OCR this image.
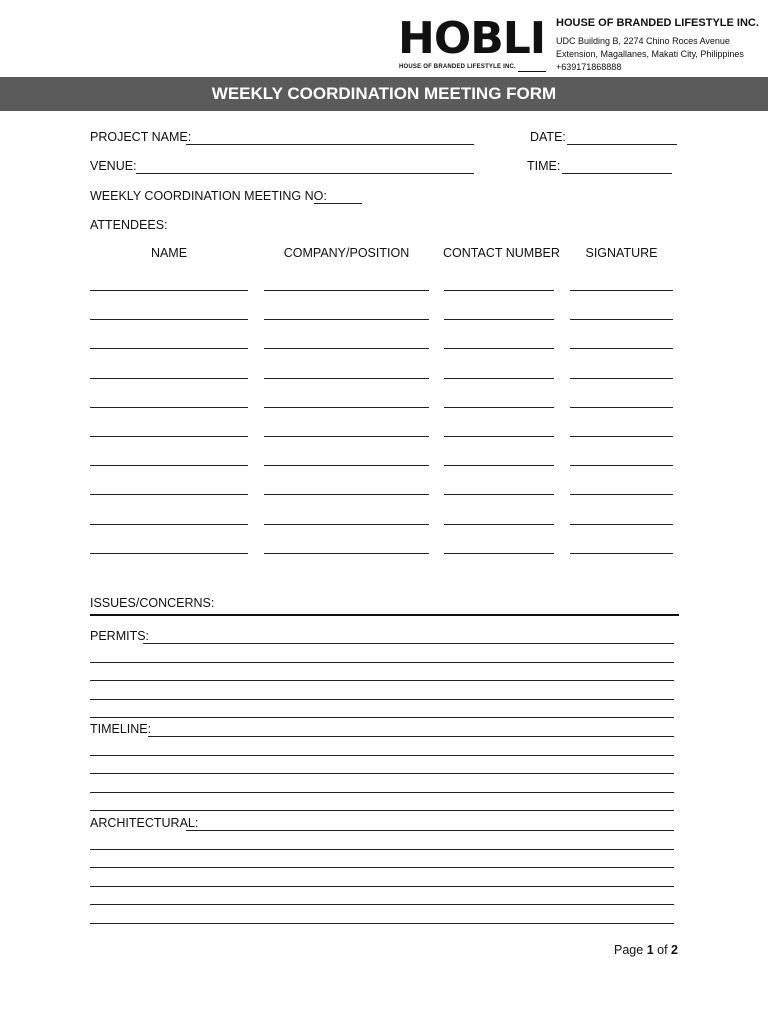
HOBLI
HOUSE OF BRANDED LIFESTYLE INC.
HOUSE OF BRANDED LIFESTYLE INC.
UDC Building B, 2274 Chino Roces Avenue
Extension, Magallanes, Makati City, Philippines
+639171868888
WEEKLY COORDINATION MEETING FORM
PROJECT NAME:	DATE:
VENUE:	TIME:
WEEKLY COORDINATION MEETING NO:
ATTENDEES:
NAME	COMPANY/POSITION	CONTACT NUMBER	SIGNATURE
ISSUES/CONCERNS:
PERMITS:
TIMELINE:
ARCHITECTURAL:
Page 1 of 2
